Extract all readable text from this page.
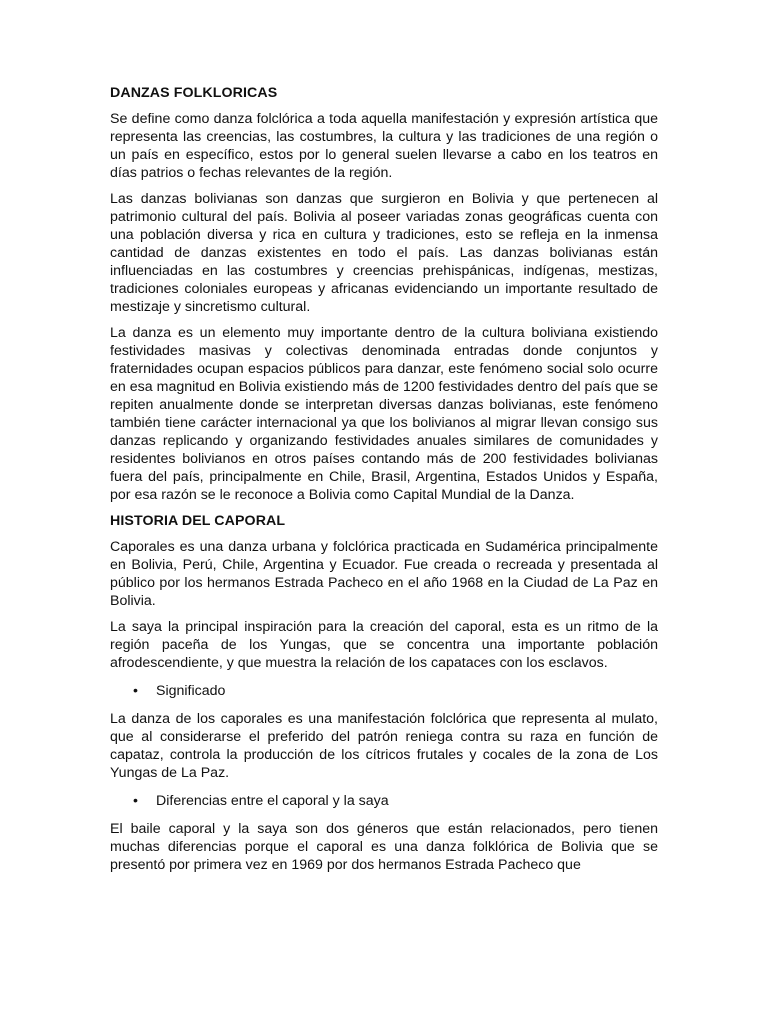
DANZAS FOLKLORICAS
Se define como danza folclórica a toda aquella manifestación y expresión artística que representa las creencias, las costumbres, la cultura y las tradiciones de una región o un país en específico, estos por lo general suelen llevarse a cabo en los teatros en días patrios o fechas relevantes de la región.
Las danzas bolivianas son danzas que surgieron en Bolivia y que pertenecen al patrimonio cultural del país. Bolivia al poseer variadas zonas geográficas cuenta con una población diversa y rica en cultura y tradiciones, esto se refleja en la inmensa cantidad de danzas existentes en todo el país. Las danzas bolivianas están influenciadas en las costumbres y creencias prehispánicas, indígenas, mestizas, tradiciones coloniales europeas y africanas evidenciando un importante resultado de mestizaje y sincretismo cultural.
La danza es un elemento muy importante dentro de la cultura boliviana existiendo festividades masivas y colectivas denominada entradas donde conjuntos y fraternidades ocupan espacios públicos para danzar, este fenómeno social solo ocurre en esa magnitud en Bolivia existiendo más de 1200 festividades dentro del país que se repiten anualmente donde se interpretan diversas danzas bolivianas, este fenómeno también tiene carácter internacional ya que los bolivianos al migrar llevan consigo sus danzas replicando y organizando festividades anuales similares de comunidades y residentes bolivianos en otros países contando más de 200 festividades bolivianas fuera del país, principalmente en Chile, Brasil, Argentina, Estados Unidos y España, por esa razón se le reconoce a Bolivia como Capital Mundial de la Danza.
HISTORIA DEL CAPORAL
Caporales es una danza urbana y folclórica practicada en Sudamérica principalmente en Bolivia, Perú, Chile, Argentina y Ecuador. Fue creada o recreada y presentada al público por los hermanos Estrada Pacheco en el año 1968 en la Ciudad de La Paz en Bolivia.
La saya la principal inspiración para la creación del caporal, esta es un ritmo de la región paceña de los Yungas, que se concentra una importante población afrodescendiente, y que muestra la relación de los capataces con los esclavos.
• Significado
La danza de los caporales es una manifestación folclórica que representa al mulato, que al considerarse el preferido del patrón reniega contra su raza en función de capataz, controla la producción de los cítricos frutales y cocales de la zona de Los Yungas de La Paz.
• Diferencias entre el caporal y la saya
El baile caporal y la saya son dos géneros que están relacionados, pero tienen muchas diferencias porque el caporal es una danza folklórica de Bolivia que se presentó por primera vez en 1969 por dos hermanos Estrada Pacheco que
